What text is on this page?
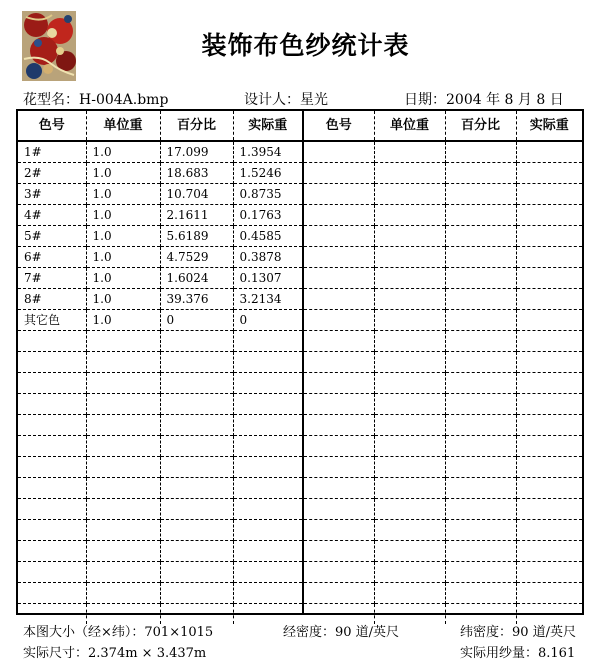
装饰布色纱统计表
花型名：H-004A.bmp	设计人：星光	日期：2004 年 8 月 8 日
色号	单位重	百分比	实际重
1#	1.0	17.099	1.3954
2#	1.0	18.683	1.5246
3#	1.0	10.704	0.8735
4#	1.0	2.1611	0.1763
5#	1.0	5.6189	0.4585
6#	1.0	4.7529	0.3878
7#	1.0	1.6024	0.1307
8#	1.0	39.376	3.2134
其它色	1.0	0	0

色号	单位重	百分比	实际重

本图大小（经×纬）：701×1015	经密度：90 道/英尺	纬密度：90 道/英尺
实际尺寸：2.374m × 3.437m	实际用纱量：8.161
